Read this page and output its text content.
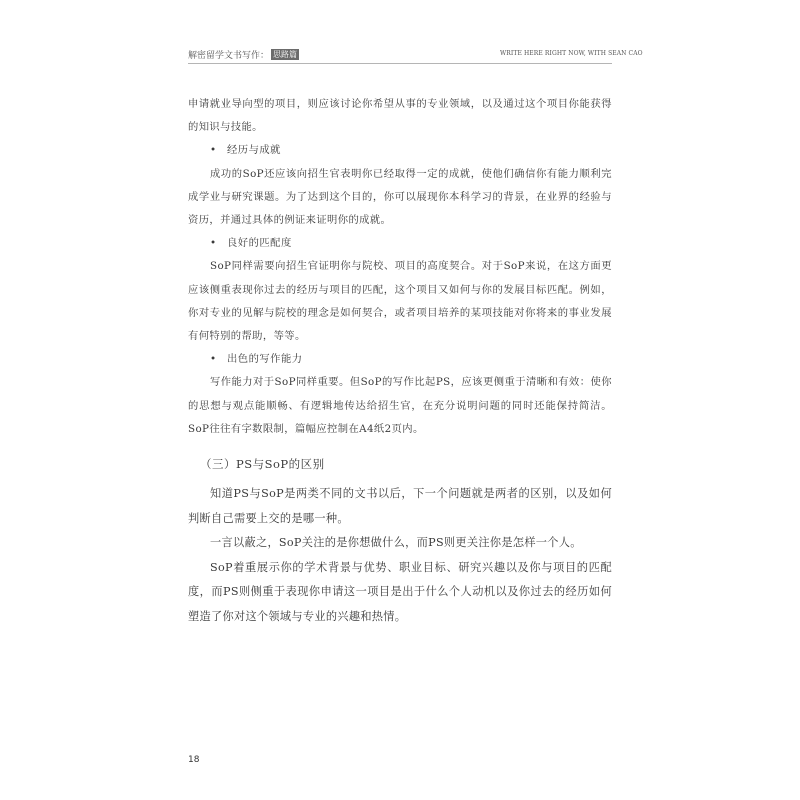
解密留学文书写作： 思路篇	WRITE HERE RIGHT NOW, WITH SEAN CAO

申请就业导向型的项目，则应该讨论你希望从事的专业领域，以及通过这个项目你能获得的知识与技能。

• 经历与成就

成功的SoP还应该向招生官表明你已经取得一定的成就，使他们确信你有能力顺利完成学业与研究课题。为了达到这个目的，你可以展现你本科学习的背景，在业界的经验与资历，并通过具体的例证来证明你的成就。

• 良好的匹配度

SoP同样需要向招生官证明你与院校、项目的高度契合。对于SoP来说，在这方面更应该侧重表现你过去的经历与项目的匹配，这个项目又如何与你的发展目标匹配。例如，你对专业的见解与院校的理念是如何契合，或者项目培养的某项技能对你将来的事业发展有何特别的帮助，等等。

• 出色的写作能力

写作能力对于SoP同样重要。但SoP的写作比起PS，应该更侧重于清晰和有效：使你的思想与观点能顺畅、有逻辑地传达给招生官，在充分说明问题的同时还能保持简洁。SoP往往有字数限制，篇幅应控制在A4纸2页内。

（三）PS与SoP的区别

知道PS与SoP是两类不同的文书以后，下一个问题就是两者的区别，以及如何判断自己需要上交的是哪一种。

一言以蔽之，SoP关注的是你想做什么，而PS则更关注你是怎样一个人。

SoP着重展示你的学术背景与优势、职业目标、研究兴趣以及你与项目的匹配度，而PS则侧重于表现你申请这一项目是出于什么个人动机以及你过去的经历如何塑造了你对这个领域与专业的兴趣和热情。

18
